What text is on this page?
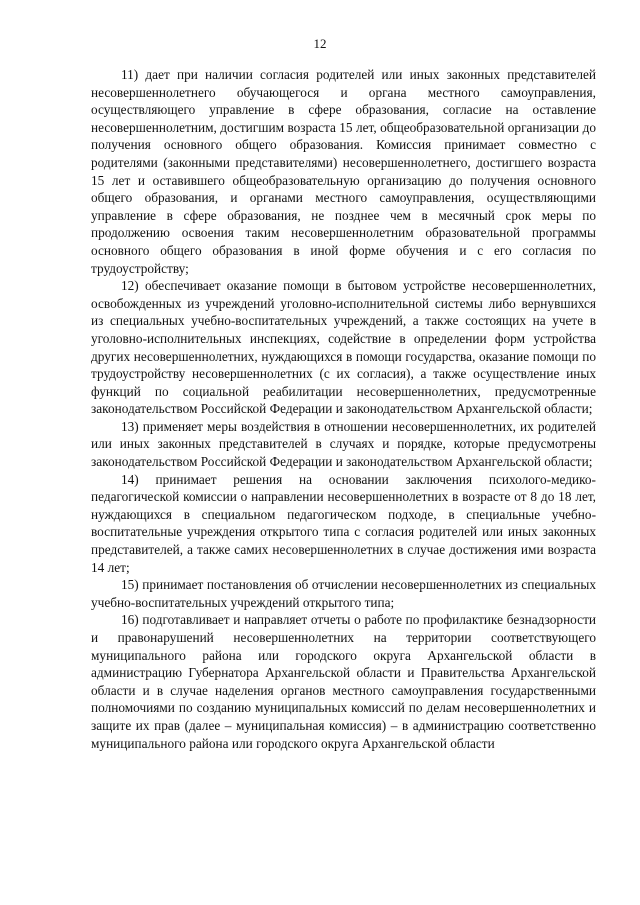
12

11) дает при наличии согласия родителей или иных законных представителей несовершеннолетнего обучающегося и органа местного самоуправления, осуществляющего управление в сфере образования, согласие на оставление несовершеннолетним, достигшим возраста 15 лет, общеобразовательной организации до получения основного общего образования. Комиссия принимает совместно с родителями (законными представителями) несовершеннолетнего, достигшего возраста 15 лет и оставившего общеобразовательную организацию до получения основного общего образования, и органами местного самоуправления, осуществляющими управление в сфере образования, не позднее чем в месячный срок меры по продолжению освоения таким несовершеннолетним образовательной программы основного общего образования в иной форме обучения и с его согласия по трудоустройству;

12) обеспечивает оказание помощи в бытовом устройстве несовершеннолетних, освобожденных из учреждений уголовно-исполнительной системы либо вернувшихся из специальных учебно-воспитательных учреждений, а также состоящих на учете в уголовно-исполнительных инспекциях, содействие в определении форм устройства других несовершеннолетних, нуждающихся в помощи государства, оказание помощи по трудоустройству несовершеннолетних (с их согласия), а также осуществление иных функций по социальной реабилитации несовершеннолетних, предусмотренные законодательством Российской Федерации и законодательством Архангельской области;

13) применяет меры воздействия в отношении несовершеннолетних, их родителей или иных законных представителей в случаях и порядке, которые предусмотрены законодательством Российской Федерации и законодательством Архангельской области;

14) принимает решения на основании заключения психолого-медико-педагогической комиссии о направлении несовершеннолетних в возрасте от 8 до 18 лет, нуждающихся в специальном педагогическом подходе, в специальные учебно-воспитательные учреждения открытого типа с согласия родителей или иных законных представителей, а также самих несовершеннолетних в случае достижения ими возраста 14 лет;

15) принимает постановления об отчислении несовершеннолетних из специальных учебно-воспитательных учреждений открытого типа;

16) подготавливает и направляет отчеты о работе по профилактике безнадзорности и правонарушений несовершеннолетних на территории соответствующего муниципального района или городского округа Архангельской области в администрацию Губернатора Архангельской области и Правительства Архангельской области и в случае наделения органов местного самоуправления государственными полномочиями по созданию муниципальных комиссий по делам несовершеннолетних и защите их прав (далее – муниципальная комиссия) – в администрацию соответственно муниципального района или городского округа Архангельской области
